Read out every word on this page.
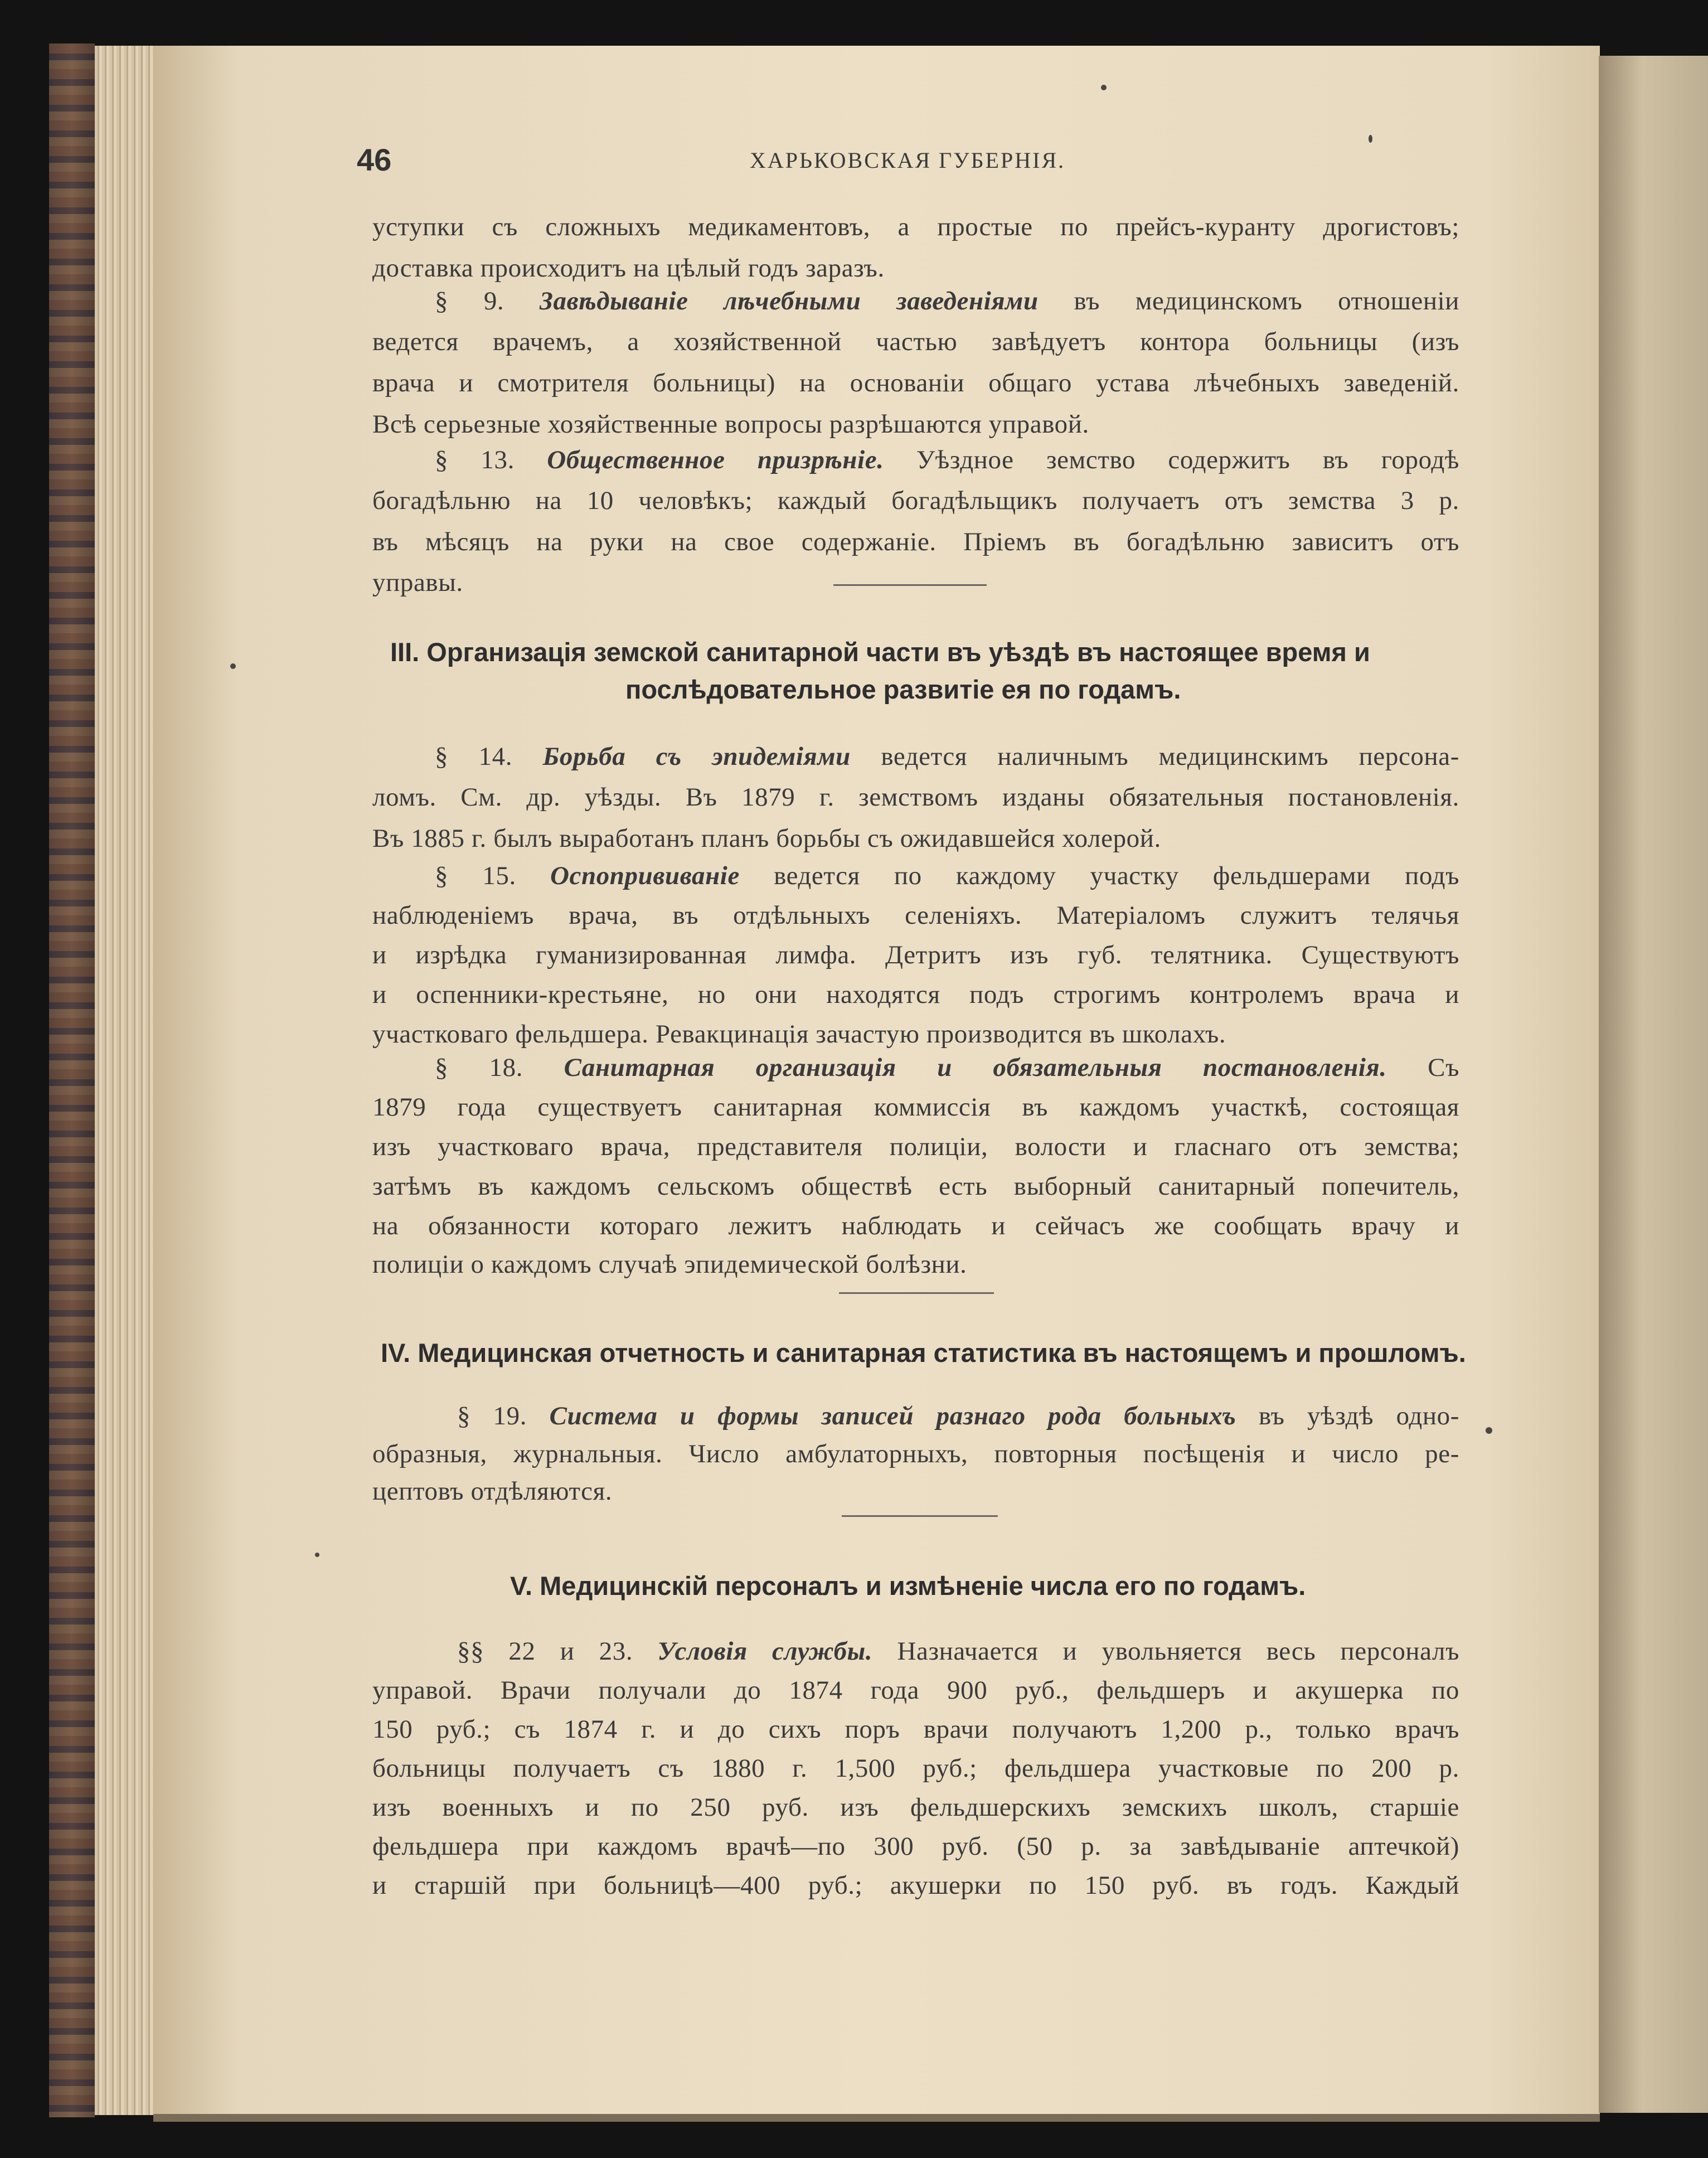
46	ХАРЬКОВСКАЯ ГУБЕРНІЯ.

уступки съ сложныхъ медикаментовъ, а простые по прейсъ-куранту дрогистовъ;

доставка происходитъ на цѣлый годъ заразъ.

§ 9. Завѣдываніе лѣчебными заведеніями въ медицинскомъ отношеніи

ведется врачемъ, а хозяйственной частью завѣдуетъ контора больницы (изъ

врача и смотрителя больницы) на основаніи общаго устава лѣчебныхъ заведеній.

Всѣ серьезные хозяйственные вопросы разрѣшаются управой.

§ 13. Общественное призрѣніе. Уѣздное земство содержитъ въ городѣ

богадѣльню на 10 человѣкъ; каждый богадѣльщикъ получаетъ отъ земства 3 р.

въ мѣсяцъ на руки на свое содержаніе. Пріемъ въ богадѣльню зависитъ отъ

управы.

III. Организація земской санитарной части въ уѣздѣ въ настоящее время и

послѣдовательное развитіе ея по годамъ.

§ 14. Борьба съ эпидеміями ведется наличнымъ медицинскимъ персона-

ломъ. См. др. уѣзды. Въ 1879 г. земствомъ изданы обязательныя постановленія.

Въ 1885 г. былъ выработанъ планъ борьбы съ ожидавшейся холерой.

§ 15. Оспопрививаніе ведется по каждому участку фельдшерами подъ

наблюденіемъ врача, въ отдѣльныхъ селеніяхъ. Матеріаломъ служитъ телячья

и изрѣдка гуманизированная лимфа. Детритъ изъ губ. телятника. Существуютъ

и оспенники-крестьяне, но они находятся подъ строгимъ контролемъ врача и

участковаго фельдшера. Ревакцинація зачастую производится въ школахъ.

§ 18. Санитарная организація и обязательныя постановленія. Съ

1879 года существуетъ санитарная коммиссія въ каждомъ участкѣ, состоящая

изъ участковаго врача, представителя полиціи, волости и гласнаго отъ земства;

затѣмъ въ каждомъ сельскомъ обществѣ есть выборный санитарный попечитель,

на обязанности котораго лежитъ наблюдать и сейчасъ же сообщать врачу и

полиціи о каждомъ случаѣ эпидемической болѣзни.

IV. Медицинская отчетность и санитарная статистика въ настоящемъ и прошломъ.

§ 19. Система и формы записей разнаго рода больныхъ въ уѣздѣ одно-

образныя, журнальныя. Число амбулаторныхъ, повторныя посѣщенія и число ре-

цептовъ отдѣляются.

V. Медицинскій персоналъ и измѣненіе числа его по годамъ.

§§ 22 и 23. Условія службы. Назначается и увольняется весь персоналъ

управой. Врачи получали до 1874 года 900 руб., фельдшеръ и акушерка по

150 руб.; съ 1874 г. и до сихъ поръ врачи получаютъ 1,200 р., только врачъ

больницы получаетъ съ 1880 г. 1,500 руб.; фельдшера участковые по 200 р.

изъ военныхъ и по 250 руб. изъ фельдшерскихъ земскихъ школъ, старшіе

фельдшера при каждомъ врачѣ—по 300 руб. (50 р. за завѣдываніе аптечкой)

и старшій при больницѣ—400 руб.; акушерки по 150 руб. въ годъ. Каждый
